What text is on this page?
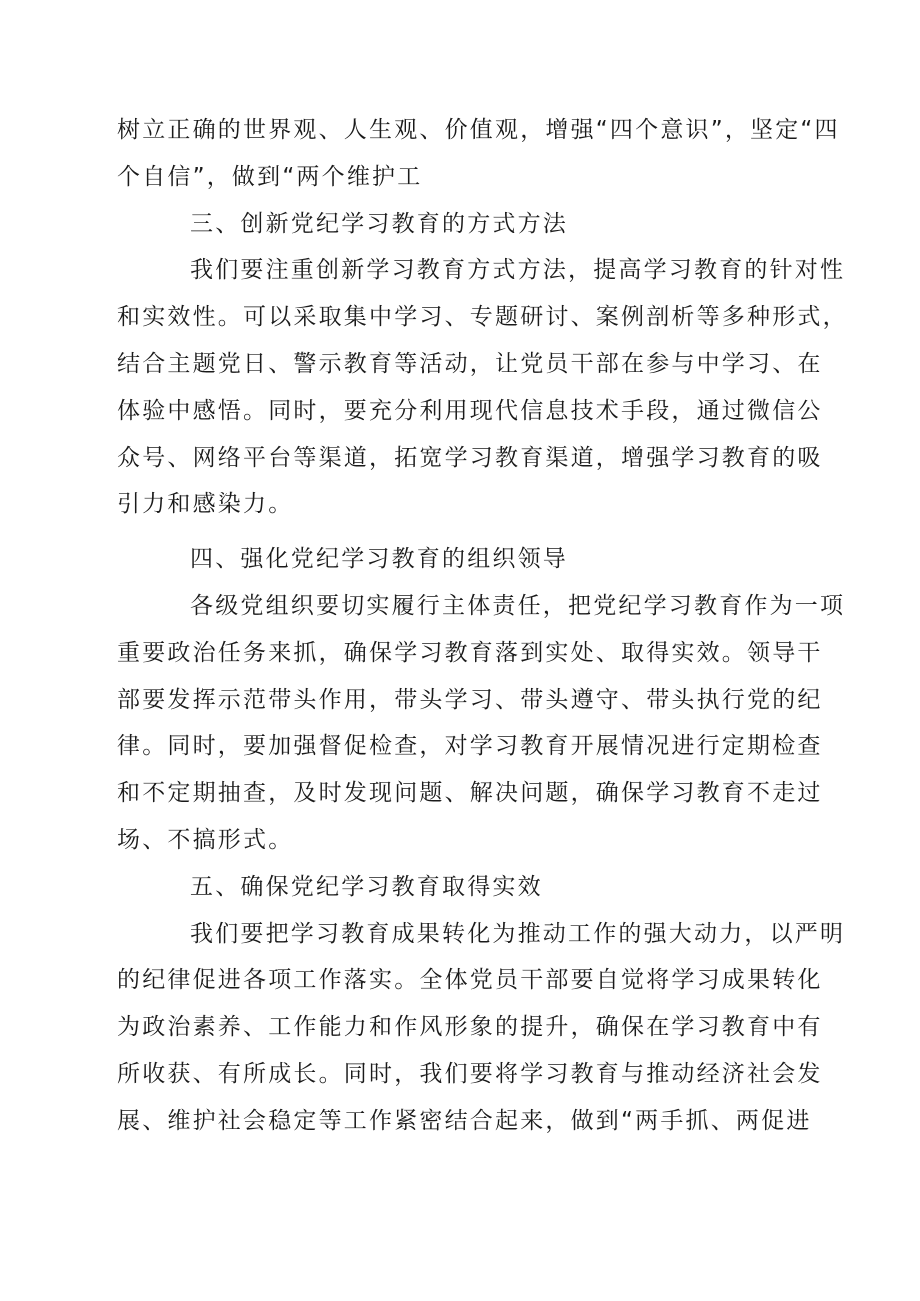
树立正确的世界观、人生观、价值观，增强“四个意识”，坚定“四
个自信”，做到“两个维护工
三、创新党纪学习教育的方式方法
我们要注重创新学习教育方式方法，提高学习教育的针对性
和实效性。可以采取集中学习、专题研讨、案例剖析等多种形式，
结合主题党日、警示教育等活动，让党员干部在参与中学习、在
体验中感悟。同时，要充分利用现代信息技术手段，通过微信公
众号、网络平台等渠道，拓宽学习教育渠道，增强学习教育的吸
引力和感染力。
四、强化党纪学习教育的组织领导
各级党组织要切实履行主体责任，把党纪学习教育作为一项
重要政治任务来抓，确保学习教育落到实处、取得实效。领导干
部要发挥示范带头作用，带头学习、带头遵守、带头执行党的纪
律。同时，要加强督促检查，对学习教育开展情况进行定期检查
和不定期抽查，及时发现问题、解决问题，确保学习教育不走过
场、不搞形式。
五、确保党纪学习教育取得实效
我们要把学习教育成果转化为推动工作的强大动力，以严明
的纪律促进各项工作落实。全体党员干部要自觉将学习成果转化
为政治素养、工作能力和作风形象的提升，确保在学习教育中有
所收获、有所成长。同时，我们要将学习教育与推动经济社会发
展、维护社会稳定等工作紧密结合起来，做到“两手抓、两促进
